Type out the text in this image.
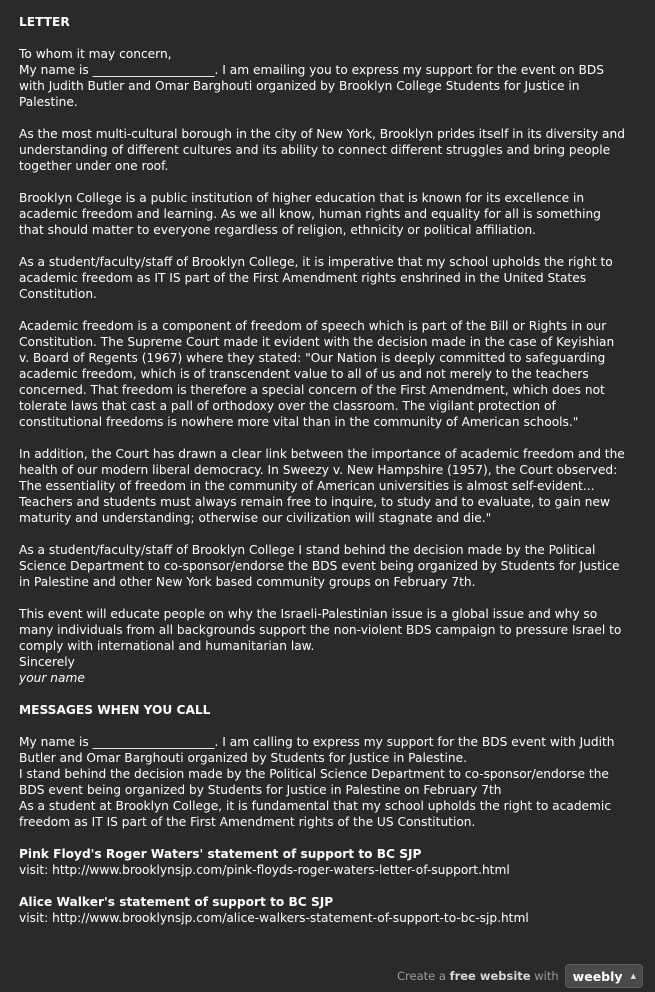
LETTER

To whom it may concern,

My name is ____________________. I am emailing you to express my support for the event on BDS with Judith Butler and Omar Barghouti organized by Brooklyn College Students for Justice in Palestine.

As the most multi-cultural borough in the city of New York, Brooklyn prides itself in its diversity and understanding of different cultures and its ability to connect different struggles and bring people together under one roof.

Brooklyn College is a public institution of higher education that is known for its excellence in academic freedom and learning. As we all know, human rights and equality for all is something that should matter to everyone regardless of religion, ethnicity or political affiliation.

As a student/faculty/staff of Brooklyn College, it is imperative that my school upholds the right to academic freedom as IT IS part of the First Amendment rights enshrined in the United States Constitution.

Academic freedom is a component of freedom of speech which is part of the Bill or Rights in our Constitution. The Supreme Court made it evident with the decision made in the case of Keyishian v. Board of Regents (1967) where they stated: "Our Nation is deeply committed to safeguarding academic freedom, which is of transcendent value to all of us and not merely to the teachers concerned. That freedom is therefore a special concern of the First Amendment, which does not tolerate laws that cast a pall of orthodoxy over the classroom. The vigilant protection of constitutional freedoms is nowhere more vital than in the community of American schools."

In addition, the Court has drawn a clear link between the importance of academic freedom and the health of our modern liberal democracy. In Sweezy v. New Hampshire (1957), the Court observed: The essentiality of freedom in the community of American universities is almost self-evident... Teachers and students must always remain free to inquire, to study and to evaluate, to gain new maturity and understanding; otherwise our civilization will stagnate and die."

As a student/faculty/staff of Brooklyn College I stand behind the decision made by the Political Science Department to co-sponsor/endorse the BDS event being organized by Students for Justice in Palestine and other New York based community groups on February 7th.

This event will educate people on why the Israeli-Palestinian issue is a global issue and why so many individuals from all backgrounds support the non-violent BDS campaign to pressure Israel to comply with international and humanitarian law.

Sincerely

your name

MESSAGES WHEN YOU CALL

My name is ____________________. I am calling to express my support for the BDS event with Judith Butler and Omar Barghouti organized by Students for Justice in Palestine.

I stand behind the decision made by the Political Science Department to co-sponsor/endorse the BDS event being organized by Students for Justice in Palestine on February 7th

As a student at Brooklyn College, it is fundamental that my school upholds the right to academic freedom as IT IS part of the First Amendment rights of the US Constitution.

Pink Floyd's Roger Waters' statement of support to BC SJP

visit: http://www.brooklynsjp.com/pink-floyds-roger-waters-letter-of-support.html

Alice Walker's statement of support to BC SJP

visit: http://www.brooklynsjp.com/alice-walkers-statement-of-support-to-bc-sjp.html

Create a
free website
with weebly ▲
